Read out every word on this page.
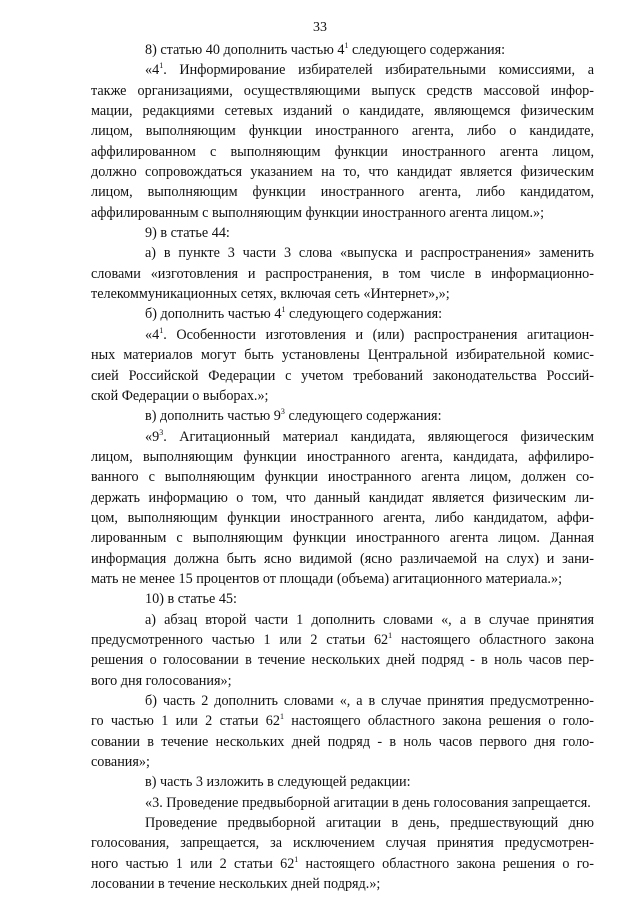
33
8) статью 40 дополнить частью $4^1$ следующего содержания:
«$4^1$. Информирование избирателей избирательными комиссиями, а
также организациями, осуществляющими выпуск средств массовой инфор-
мации, редакциями сетевых изданий о кандидате, являющемся физическим
лицом, выполняющим функции иностранного агента, либо о кандидате,
аффилированном с выполняющим функции иностранного агента лицом,
должно сопровождаться указанием на то, что кандидат является физическим
лицом, выполняющим функции иностранного агента, либо кандидатом,
аффилированным с выполняющим функции иностранного агента лицом.»;
9) в статье 44:
а) в пункте 3 части 3 слова «выпуска и распространения» заменить
словами «изготовления и распространения, в том числе в информационно-
телекоммуникационных сетях, включая сеть «Интернет»,»;
б) дополнить частью $4^1$ следующего содержания:
«$4^1$. Особенности изготовления и (или) распространения агитацион-
ных материалов могут быть установлены Центральной избирательной комис-
сией Российской Федерации с учетом требований законодательства Россий-
ской Федерации о выборах.»;
в) дополнить частью $9^3$ следующего содержания:
«$9^3$. Агитационный материал кандидата, являющегося физическим
лицом, выполняющим функции иностранного агента, кандидата, аффилиро-
ванного с выполняющим функции иностранного агента лицом, должен со-
держать информацию о том, что данный кандидат является физическим ли-
цом, выполняющим функции иностранного агента, либо кандидатом, аффи-
лированным с выполняющим функции иностранного агента лицом. Данная
информация должна быть ясно видимой (ясно различаемой на слух) и зани-
мать не менее 15 процентов от площади (объема) агитационного материала.»;
10) в статье 45:
а) абзац второй части 1 дополнить словами «, а в случае принятия
предусмотренного частью 1 или 2 статьи $62^1$ настоящего областного закона
решения о голосовании в течение нескольких дней подряд - в ноль часов пер-
вого дня голосования»;
б) часть 2 дополнить словами «, а в случае принятия предусмотренно-
го частью 1 или 2 статьи $62^1$ настоящего областного закона решения о голо-
совании в течение нескольких дней подряд - в ноль часов первого дня голо-
сования»;
в) часть 3 изложить в следующей редакции:
«3. Проведение предвыборной агитации в день голосования запрещается.
Проведение предвыборной агитации в день, предшествующий дню
голосования, запрещается, за исключением случая принятия предусмотрен-
ного частью 1 или 2 статьи $62^1$ настоящего областного закона решения о го-
лосовании в течение нескольких дней подряд.»;
